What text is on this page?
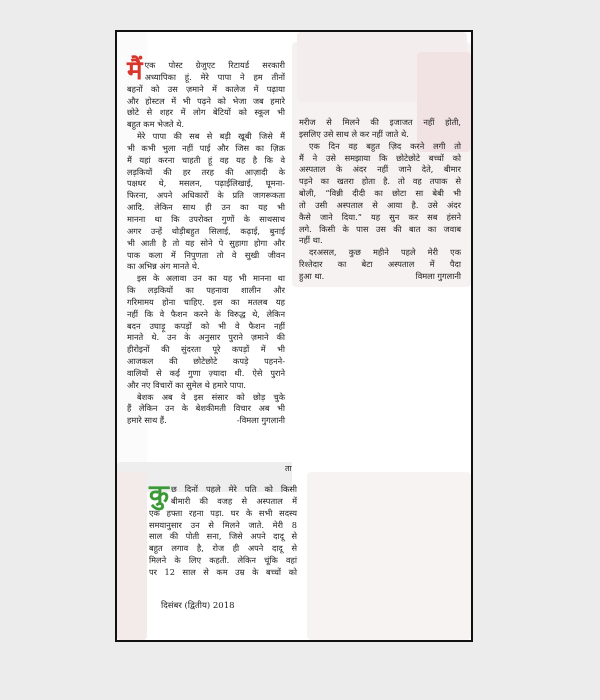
मैं एक पोस्ट ग्रेजुएट रिटायर्ड सरकारी
अध्यापिका हूं. मेरे पापा ने हम तीनों
बहनों को उस ज़माने में कालेज में पढ़ाया
और होस्टल में भी पढ़ने को भेजा जब हमारे
छोटे से शहर में लोग बेटियों को स्कूल भी
बहुत कम भेजते थे.
मेरे पापा की सब से बड़ी खूबी जिसे मैं
भी कभी भुला नहीं पाई और जिस का ज़िक्र
मैं यहां करना चाहती हूं वह यह है कि वे
लड़कियों की हर तरह की आज़ादी के
पक्षधर थे, मसलन, पढ़ाईलिखाई, घूमना-
फिरना, अपने अधिकारों के प्रति जागरूकता
आदि. लेकिन साथ ही उन का यह भी
मानना था कि उपरोक्त गुणों के साथसाथ
अगर उन्हें थोड़ीबहुत सिलाई, कढ़ाई, बुनाई
भी आती है तो यह सोने पे सुहागा होगा और
पाक कला में निपुणता तो वे सुखी जीवन
का अभिन्न अंग मानते थे.
इस के अलावा उन का यह भी मानना था
कि लड़कियों का पहनावा शालीन और
गरिमामय होना चाहिए. इस का मतलब यह
नहीं कि वे फैशन करने के विरुद्ध थे, लेकिन
बदन उघाड़ू कपड़ों को भी वे फैशन नहीं
मानते थे. उन के अनुसार पुराने ज़माने की
हीरोइनों की सुंदरता पूरे कपड़ों में भी
आजकल की छोटेछोटे कपड़े पहनने-
वालियों से कई गुणा ज़्यादा थी. ऐसे पुराने
और नए विचारों का सुमेल थे हमारे पापा.
बेशक अब वे इस संसार को छोड़ चुके
हैं लेकिन उन के बेशकीमती विचार अब भी
हमारे साथ हैं.	-विमला गुगलानी
मरीज से मिलने की इजाजत नहीं होती,
इसलिए उसे साथ ले कर नहीं जाते थे.
एक दिन वह बहुत ज़िद करने लगी तो
मैं ने उसे समझाया कि छोटेछोटे बच्चों को
अस्पताल के अंदर नहीं जाने देते, बीमार
पड़ने का खतरा होता है. तो वह तपाक से
बोली, “विन्नी दीदी का छोटा सा बेबी भी
तो उसी अस्पताल से आया है. उसे अंदर
कैसे जाने दिया.” यह सुन कर सब हंसने
लगे. किसी के पास उस की बात का जवाब
नहीं था.
दरअसल, कुछ महीने पहले मेरी एक
रिश्तेदार का बेटा अस्पताल में पैदा
हुआ था.	विमला गुगलानी
ता
कु छ दिनों पहले मेरे पति को किसी
बीमारी की वजह से अस्पताल में
एक हफ्ता रहना पड़ा. घर के सभी सदस्य
समयानुसार उन से मिलने जाते. मेरी 8
साल की पोती सना, जिसे अपने दादू से
बहुत लगाव है, रोज ही अपने दादू से
मिलने के लिए कहती. लेकिन चूंकि वहां
पर 12 साल से कम उम्र के बच्चों को
दिसंबर (द्वितीय) 2018
